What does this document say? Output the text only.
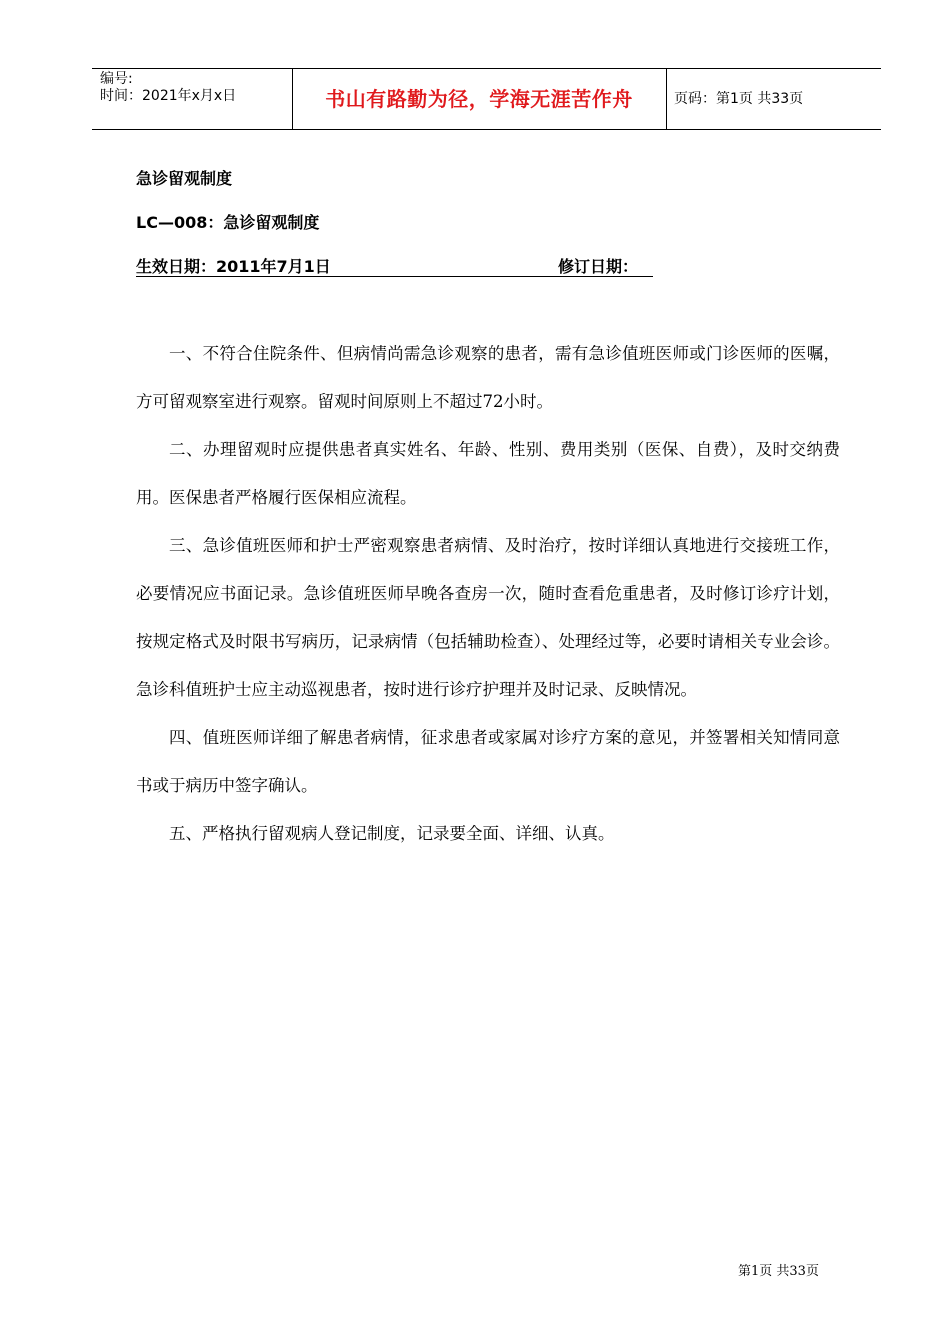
编号:
时间：2021年x月x日	书山有路勤为径，学海无涯苦作舟	页码：第1页 共33页
急诊留观制度
LC—008：急诊留观制度
生效日期：2011年7月1日	修订日期：

一、不符合住院条件、但病情尚需急诊观察的患者，需有急诊值班医师或门诊医师的医嘱，方可留观察室进行观察。留观时间原则上不超过72小时。

二、办理留观时应提供患者真实姓名、年龄、性别、费用类别（医保、自费），及时交纳费用。医保患者严格履行医保相应流程。

三、急诊值班医师和护士严密观察患者病情、及时治疗，按时详细认真地进行交接班工作，必要情况应书面记录。急诊值班医师早晚各查房一次，随时查看危重患者，及时修订诊疗计划，按规定格式及时限书写病历，记录病情（包括辅助检查）、处理经过等，必要时请相关专业会诊。急诊科值班护士应主动巡视患者，按时进行诊疗护理并及时记录、反映情况。

四、值班医师详细了解患者病情，征求患者或家属对诊疗方案的意见，并签署相关知情同意书或于病历中签字确认。

五、严格执行留观病人登记制度，记录要全面、详细、认真。

第1页 共33页
